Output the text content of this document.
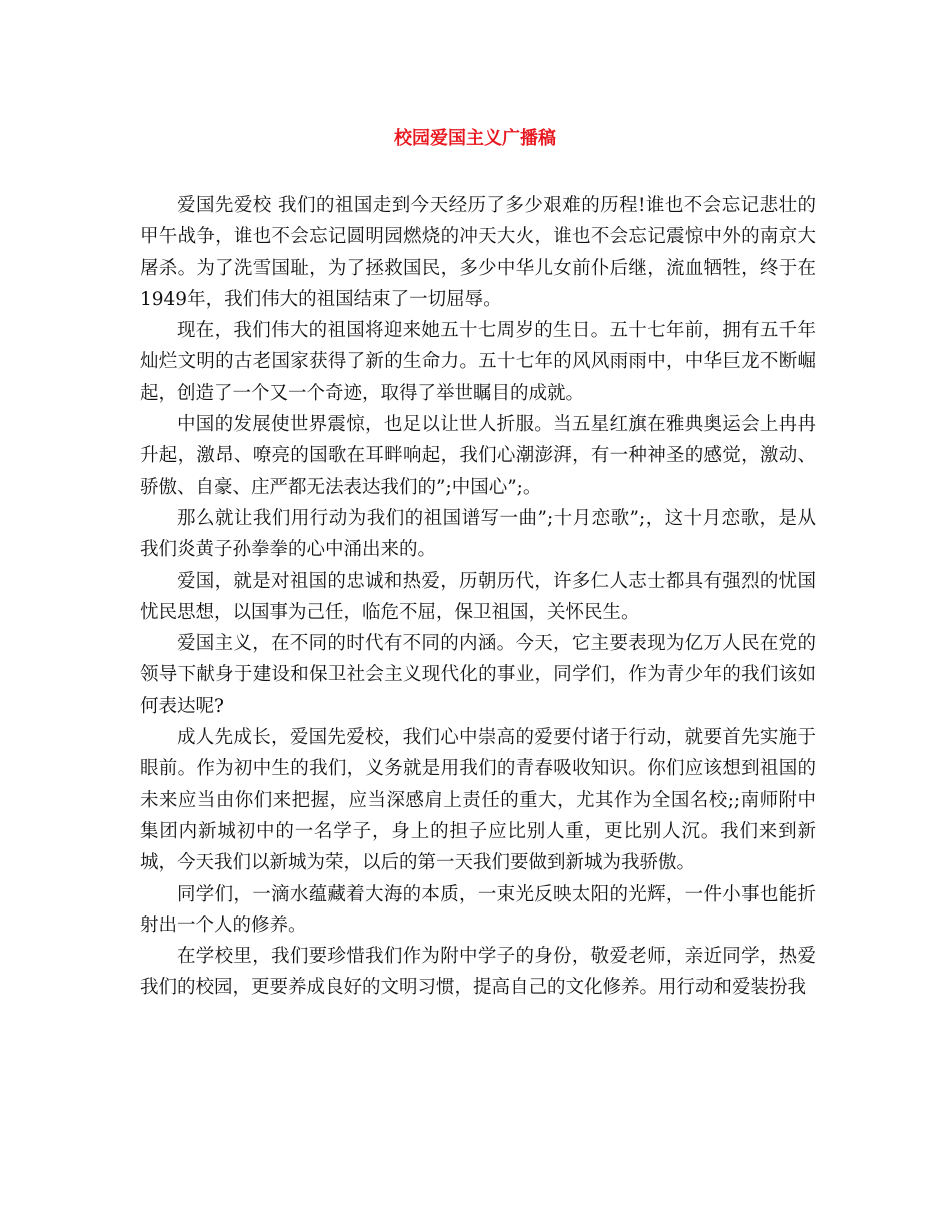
校园爱国主义广播稿

爱国先爱校 我们的祖国走到今天经历了多少艰难的历程!谁也不会忘记悲壮的甲午战争，谁也不会忘记圆明园燃烧的冲天大火，谁也不会忘记震惊中外的南京大屠杀。为了洗雪国耻，为了拯救国民，多少中华儿女前仆后继，流血牺牲，终于在1949年，我们伟大的祖国结束了一切屈辱。

现在，我们伟大的祖国将迎来她五十七周岁的生日。五十七年前，拥有五千年灿烂文明的古老国家获得了新的生命力。五十七年的风风雨雨中，中华巨龙不断崛起，创造了一个又一个奇迹，取得了举世瞩目的成就。

中国的发展使世界震惊，也足以让世人折服。当五星红旗在雅典奥运会上冉冉升起，激昂、嘹亮的国歌在耳畔响起，我们心潮澎湃，有一种神圣的感觉，激动、骄傲、自豪、庄严都无法表达我们的”;中国心”;。

那么就让我们用行动为我们的祖国谱写一曲”;十月恋歌”;，这十月恋歌，是从我们炎黄子孙拳拳的心中涌出来的。

爱国，就是对祖国的忠诚和热爱，历朝历代，许多仁人志士都具有强烈的忧国忧民思想，以国事为己任，临危不屈，保卫祖国，关怀民生。

爱国主义，在不同的时代有不同的内涵。今天，它主要表现为亿万人民在党的领导下献身于建设和保卫社会主义现代化的事业，同学们，作为青少年的我们该如何表达呢?

成人先成长，爱国先爱校，我们心中崇高的爱要付诸于行动，就要首先实施于眼前。作为初中生的我们，义务就是用我们的青春吸收知识。你们应该想到祖国的未来应当由你们来把握，应当深感肩上责任的重大，尤其作为全国名校;;南师附中集团内新城初中的一名学子，身上的担子应比别人重，更比别人沉。我们来到新城，今天我们以新城为荣，以后的第一天我们要做到新城为我骄傲。

同学们，一滴水蕴藏着大海的本质，一束光反映太阳的光辉，一件小事也能折射出一个人的修养。

在学校里，我们要珍惜我们作为附中学子的身份，敬爱老师，亲近同学，热爱我们的校园，更要养成良好的文明习惯，提高自己的文化修养。用行动和爱装扮我
